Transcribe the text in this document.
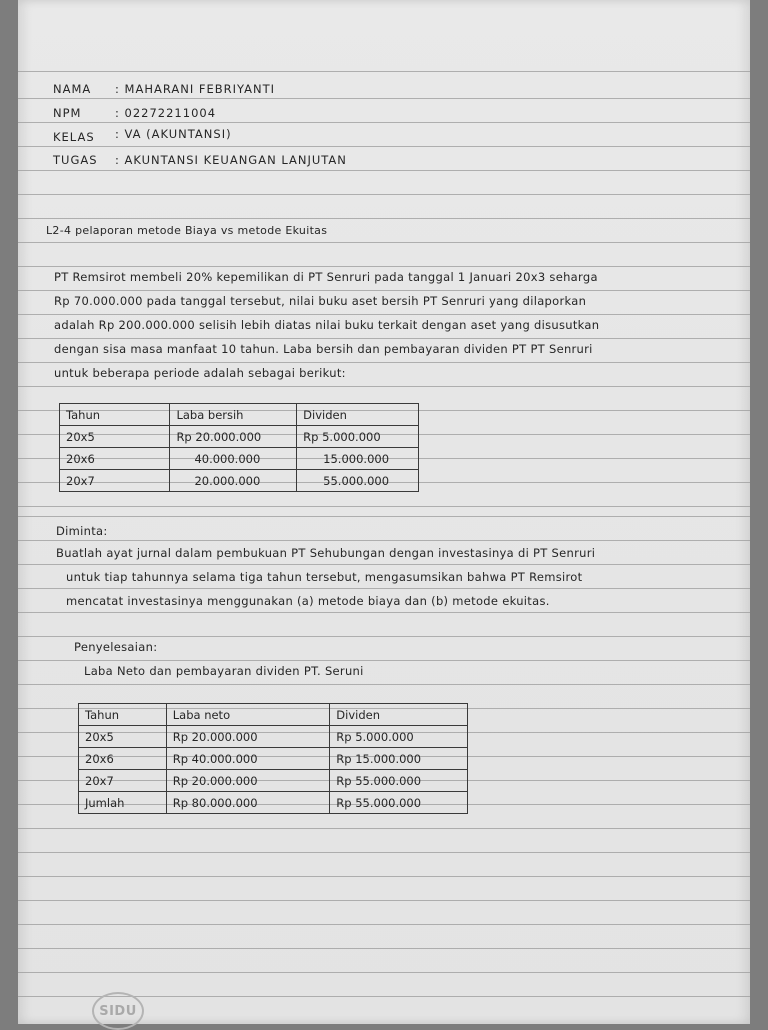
NAMA : MAHARANI FEBRIYANTI
NPM	: 02272211004
KELAS : VA (AKUNTANSI)
TUGAS : AKUNTANSI KEUANGAN LANJUTAN
L2-4 pelaporan metode Biaya vs metode Ekuitas
PT Remsirot membeli 20% kepemilikan di PT Senruri pada tanggal 1 Januari 20x3 seharga
Rp 70.000.000 pada tanggal tersebut, nilai buku aset bersih PT Senruri yang dilaporkan
adalah Rp 200.000.000 selisih lebih diatas nilai buku terkait dengan aset yang disusutkan
dengan sisa masa manfaat 10 tahun. Laba bersih dan pembayaran dividen PT PT Senruri
untuk beberapa periode adalah sebagai berikut:
Tahun	Laba bersih	Dividen
20x5	Rp 20.000.000	Rp 5.000.000
20x6	40.000.000	15.000.000
20x7	20.000.000	55.000.000
Diminta:
Buatlah ayat jurnal dalam pembukuan PT Sehubungan dengan investasinya di PT Senruri
untuk tiap tahunnya selama tiga tahun tersebut, mengasumsikan bahwa PT Remsirot
mencatat investasinya menggunakan (a) metode biaya dan (b) metode ekuitas.
Penyelesaian:
Laba Neto dan pembayaran dividen PT. Seruni
Tahun	Laba neto	Dividen
20x5	Rp 20.000.000	Rp 5.000.000
20x6	Rp 40.000.000	Rp 15.000.000
20x7	Rp 20.000.000	Rp 55.000.000
Jumlah	Rp 80.000.000	Rp 55.000.000
SIDU
